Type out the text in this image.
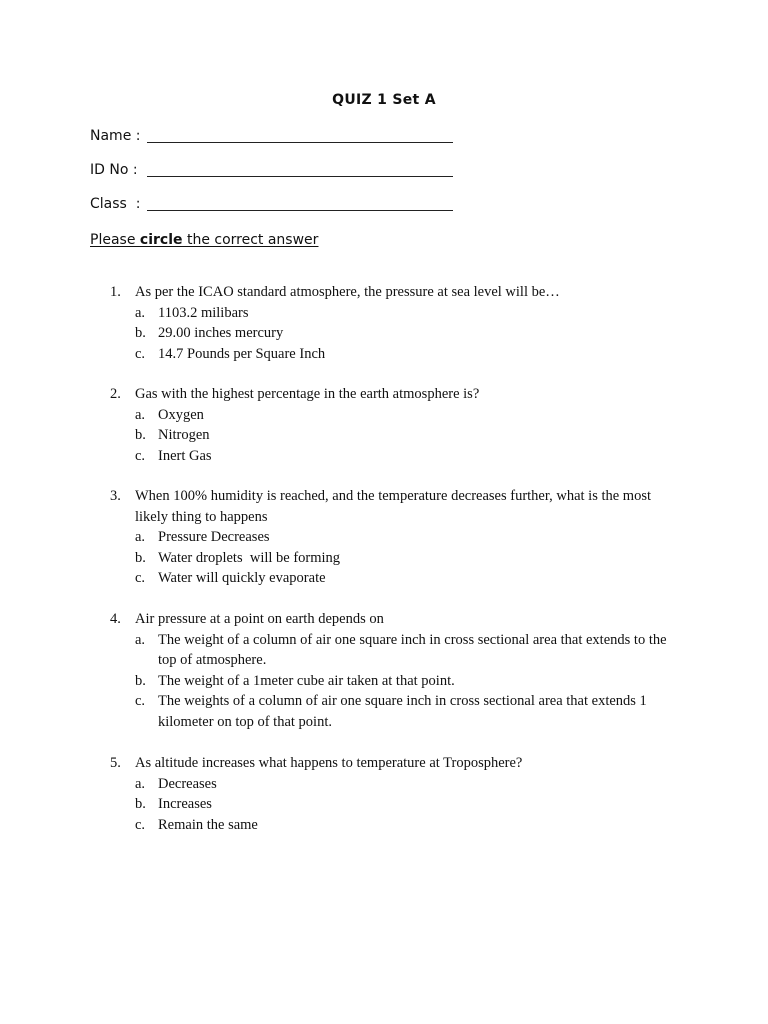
QUIZ 1 Set A
Name :
ID No :
Class  :
Please circle the correct answer
1. As per the ICAO standard atmosphere, the pressure at sea level will be…
a. 1103.2 milibars
b. 29.00 inches mercury
c. 14.7 Pounds per Square Inch
2. Gas with the highest percentage in the earth atmosphere is?
a. Oxygen
b. Nitrogen
c. Inert Gas
3. When 100% humidity is reached, and the temperature decreases further, what is the most likely thing to happens
a. Pressure Decreases
b. Water droplets  will be forming
c. Water will quickly evaporate
4. Air pressure at a point on earth depends on
a. The weight of a column of air one square inch in cross sectional area that extends to the top of atmosphere.
b. The weight of a 1meter cube air taken at that point.
c. The weights of a column of air one square inch in cross sectional area that extends 1 kilometer on top of that point.
5. As altitude increases what happens to temperature at Troposphere?
a. Decreases
b. Increases
c. Remain the same
